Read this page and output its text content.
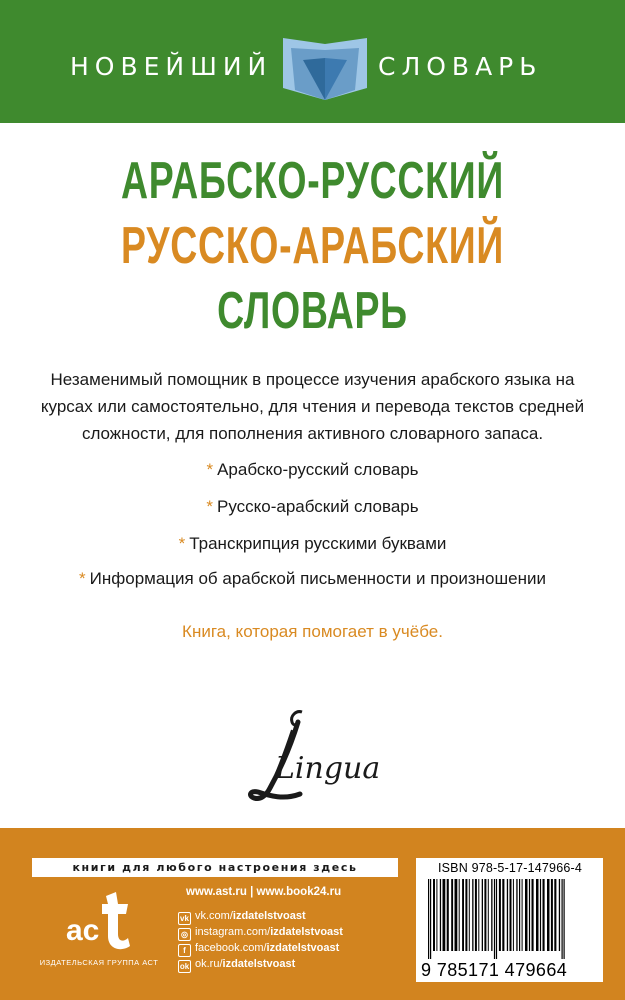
НОВЕЙШИЙ	СЛОВАРЬ
АРАБСКО-РУССКИЙ
РУССКО-АРАБСКИЙ
СЛОВАРЬ
Незаменимый помощник в процессе изучения арабского языка на курсах или самостоятельно, для чтения и перевода текстов средней сложности, для пополнения активного словарного запаса.
* Арабско-русский словарь
* Русско-арабский словарь
* Транскрипция русскими буквами
* Информация об арабской письменности и произношении
Книга, которая помогает в учёбе.
Lingua
книги для любого настроения здесь
ac
ИЗДАТЕЛЬСКАЯ ГРУППА АСТ
www.ast.ru | www.book24.ru
vk vk.com/izdatelstvoast
◎ instagram.com/izdatelstvoast
f facebook.com/izdatelstvoast
ok ok.ru/izdatelstvoast
ISBN 978-5-17-147966-4
9 785171 479664
